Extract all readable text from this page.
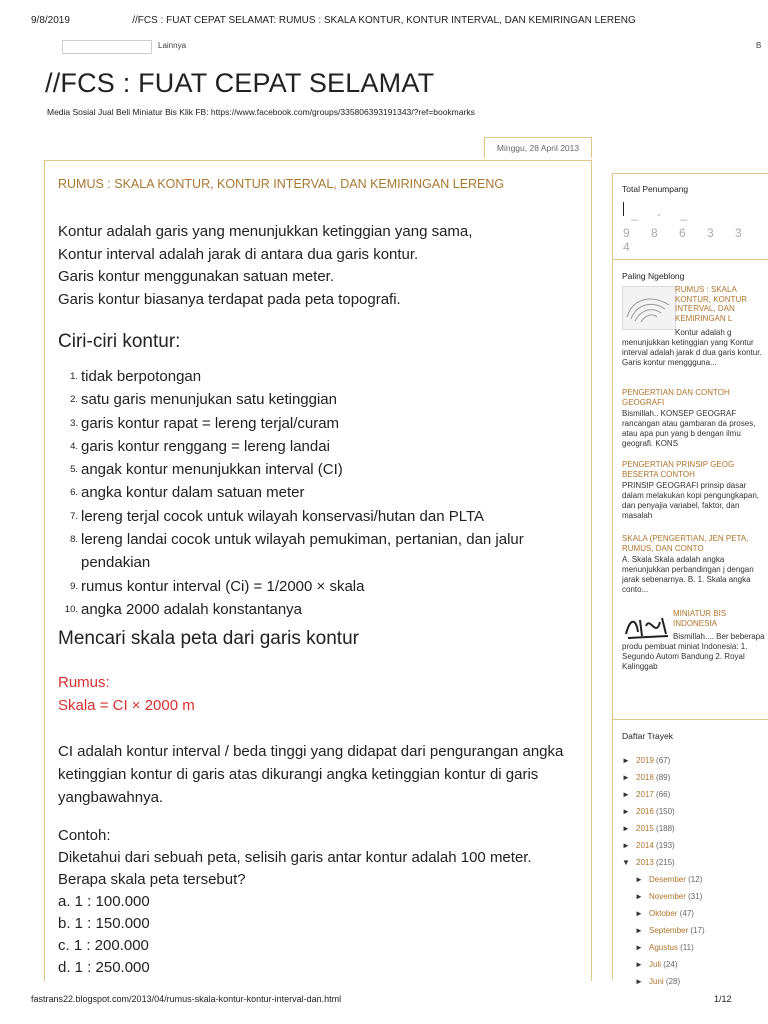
9/8/2019	//FCS : FUAT CEPAT SELAMAT: RUMUS : SKALA KONTUR, KONTUR INTERVAL, DAN KEMIRINGAN LERENG
Lainnya	B
//FCS : FUAT CEPAT SELAMAT
Media Sosial Jual Beli Miniatur Bis Klik FB: https://www.facebook.com/groups/335806393191343/?ref=bookmarks
Minggu, 28 April 2013
RUMUS : SKALA KONTUR, KONTUR INTERVAL, DAN KEMIRINGAN LERENG

Kontur adalah garis yang menunjukkan ketinggian yang sama,

Kontur interval adalah jarak di antara dua garis kontur.

Garis kontur menggunakan satuan meter.

Garis kontur biasanya terdapat pada peta topografi.

Ciri-ciri kontur:
1. tidak berpotongan
2. satu garis menunjukan satu ketinggian
3. garis kontur rapat = lereng terjal/curam
4. garis kontur renggang = lereng landai
5. angak kontur menunjukkan interval (CI)
6. angka kontur dalam satuan meter
7. lereng terjal cocok untuk wilayah konservasi/hutan dan PLTA
8. lereng landai cocok untuk wilayah pemukiman, pertanian, dan jalur pendakian
9. rumus kontur interval (Ci) = 1/2000 × skala
10. angka 2000 adalah konstantanya
Mencari skala peta dari garis kontur
Rumus:
Skala = CI × 2000 m
CI adalah kontur interval / beda tinggi yang didapat dari pengurangan angka ketinggian kontur di garis atas dikurangi angka ketinggian kontur di garis yangbawahnya.
Contoh:
Diketahui dari sebuah peta, selisih garis antar kontur adalah 100 meter. Berapa skala peta tersebut?
a. 1 : 100.000
b. 1 : 150.000
c. 1 : 200.000
d. 1 : 250.000
Total Penumpang
_ - _
9 8 6 3 3 4
Paling Ngeblong
RUMUS : SKALA KONTUR, KONTUR INTERVAL, DAN KEMIRINGAN L
Kontur adalah g menunjukkan ketinggian yang Kontur interval adalah jarak d dua garis kontur. Garis kontur menggguna...
PENGERTIAN DAN CONTOH GEOGRAFI
Bismillah.. KONSEP GEOGRAF rancangan atau gambaran da proses, atau apa pun yang b dengan ilmu geografi. KONS
PENGERTIAN PRINSIP GEOG BESERTA CONTOH
PRINSIP GEOGRAFI prinsip dasar dalam melakukan kopi pengungkapan, dan penyajia variabel, faktor, dan masalah
SKALA (PENGERTIAN, JEN PETA, RUMUS, DAN CONTO
A. Skala Skala adalah angka menunjukkan perbandingan j dengan jarak sebenarnya. B. 1. Skala angka conto...
MINIATUR BIS INDONESIA
Bismillah.... Ber beberapa produ pembuat miniat Indonesia: 1. Segundo Autom Bandung 2. Royal Kalinggab
Daftar Trayek
► 2019 (67)
► 2018 (89)
► 2017 (66)
► 2016 (150)
► 2015 (188)
► 2014 (193)
▼ 2013 (215)
► Desember (12)
► November (31)
► Oktober (47)
► September (17)
► Agustus (11)
► Juli (24)
► Juni (28)
fastrans22.blogspot.com/2013/04/rumus-skala-kontur-kontur-interval-dan.html	1/12
